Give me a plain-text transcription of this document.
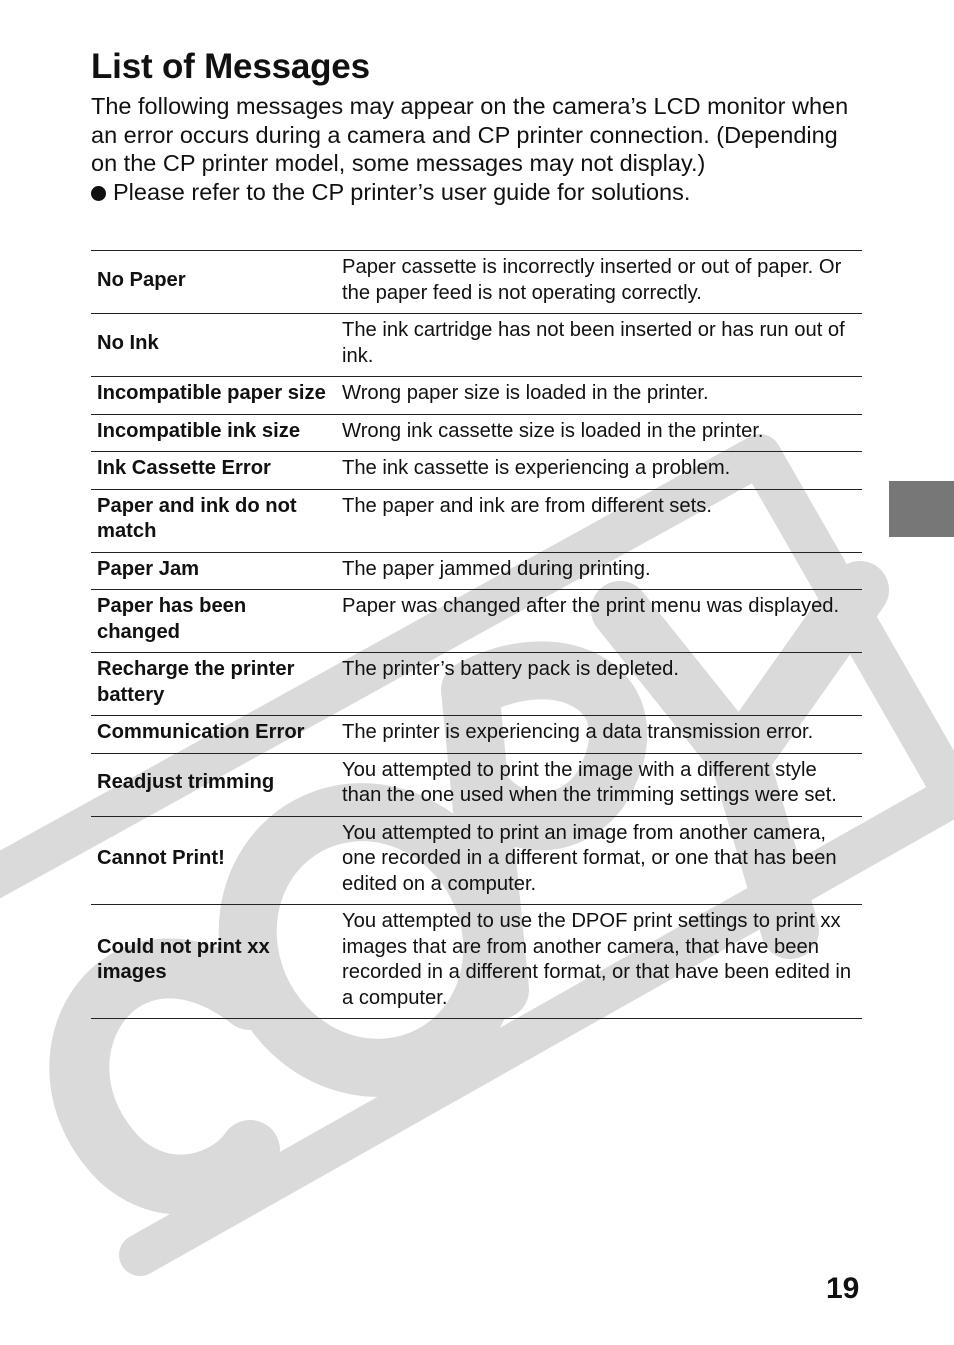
List of Messages

The following messages may appear on the camera’s LCD monitor when an error occurs during a camera and CP printer connection. (Depending on the CP printer model, some messages may not display.)

Please refer to the CP printer’s user guide for solutions.

No Paper	Paper cassette is incorrectly inserted or out of paper. Or the paper feed is not operating correctly.
No Ink	The ink cartridge has not been inserted or has run out of ink.
Incompatible paper size	Wrong paper size is loaded in the printer.
Incompatible ink size	Wrong ink cassette size is loaded in the printer.
Ink Cassette Error	The ink cassette is experiencing a problem.
Paper and ink do not match	The paper and ink are from different sets.
Paper Jam	The paper jammed during printing.
Paper has been changed	Paper was changed after the print menu was displayed.
Recharge the printer battery	The printer’s battery pack is depleted.
Communication Error	The printer is experiencing a data transmission error.
Readjust trimming	You attempted to print the image with a different style than the one used when the trimming settings were set.
Cannot Print!	You attempted to print an image from another camera, one recorded in a different format, or one that has been edited on a computer.
Could not print xx images	You attempted to use the DPOF print settings to print xx images that are from another camera, that have been recorded in a different format, or that have been edited in a computer.
19
